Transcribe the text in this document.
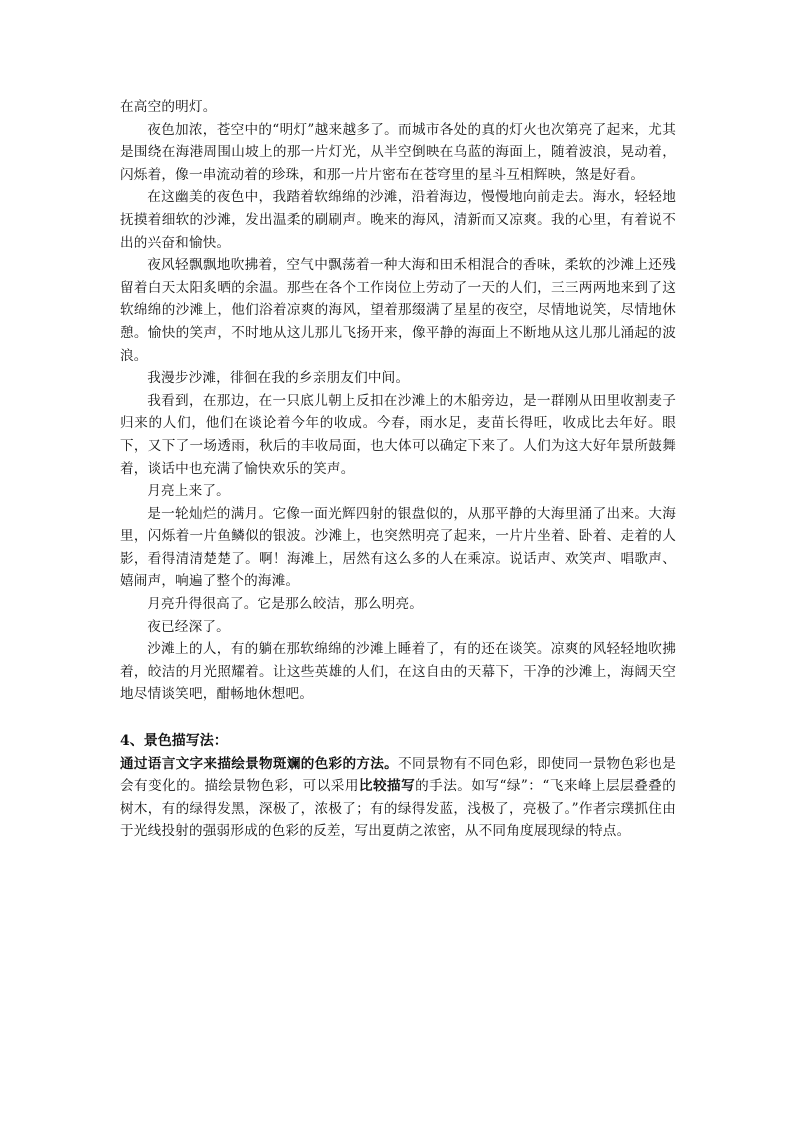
在高空的明灯。

夜色加浓，苍空中的“明灯”越来越多了。而城市各处的真的灯火也次第亮了起来，尤其是围绕在海港周围山坡上的那一片灯光，从半空倒映在乌蓝的海面上，随着波浪，晃动着，闪烁着，像一串流动着的珍珠，和那一片片密布在苍穹里的星斗互相辉映，煞是好看。

在这幽美的夜色中，我踏着软绵绵的沙滩，沿着海边，慢慢地向前走去。海水，轻轻地抚摸着细软的沙滩，发出温柔的刷刷声。晚来的海风，清新而又凉爽。我的心里，有着说不出的兴奋和愉快。

夜风轻飘飘地吹拂着，空气中飘荡着一种大海和田禾相混合的香味，柔软的沙滩上还残留着白天太阳炙晒的余温。那些在各个工作岗位上劳动了一天的人们，三三两两地来到了这软绵绵的沙滩上，他们浴着凉爽的海风，望着那缀满了星星的夜空，尽情地说笑，尽情地休憩。愉快的笑声，不时地从这儿那儿飞扬开来，像平静的海面上不断地从这儿那儿涌起的波浪。

我漫步沙滩，徘徊在我的乡亲朋友们中间。

我看到，在那边，在一只底儿朝上反扣在沙滩上的木船旁边，是一群刚从田里收割麦子归来的人们，他们在谈论着今年的收成。今春，雨水足，麦苗长得旺，收成比去年好。眼下，又下了一场透雨，秋后的丰收局面，也大体可以确定下来了。人们为这大好年景所鼓舞着，谈话中也充满了愉快欢乐的笑声。

月亮上来了。

是一轮灿烂的满月。它像一面光辉四射的银盘似的，从那平静的大海里涌了出来。大海里，闪烁着一片鱼鳞似的银波。沙滩上，也突然明亮了起来，一片片坐着、卧着、走着的人影，看得清清楚楚了。啊！海滩上，居然有这么多的人在乘凉。说话声、欢笑声、唱歌声、嬉闹声，响遍了整个的海滩。

月亮升得很高了。它是那么皎洁，那么明亮。

夜已经深了。

沙滩上的人，有的躺在那软绵绵的沙滩上睡着了，有的还在谈笑。凉爽的风轻轻地吹拂着，皎洁的月光照耀着。让这些英雄的人们，在这自由的天幕下，干净的沙滩上，海阔天空地尽情谈笑吧，酣畅地休想吧。

4、景色描写法：

通过语言文字来描绘景物斑斓的色彩的方法。不同景物有不同色彩，即使同一景物色彩也是会有变化的。描绘景物色彩，可以采用比较描写的手法。如写“绿”：“飞来峰上层层叠叠的树木，有的绿得发黑，深极了，浓极了；有的绿得发蓝，浅极了，亮极了。”作者宗璞抓住由于光线投射的强弱形成的色彩的反差，写出夏荫之浓密，从不同角度展现绿的特点。
